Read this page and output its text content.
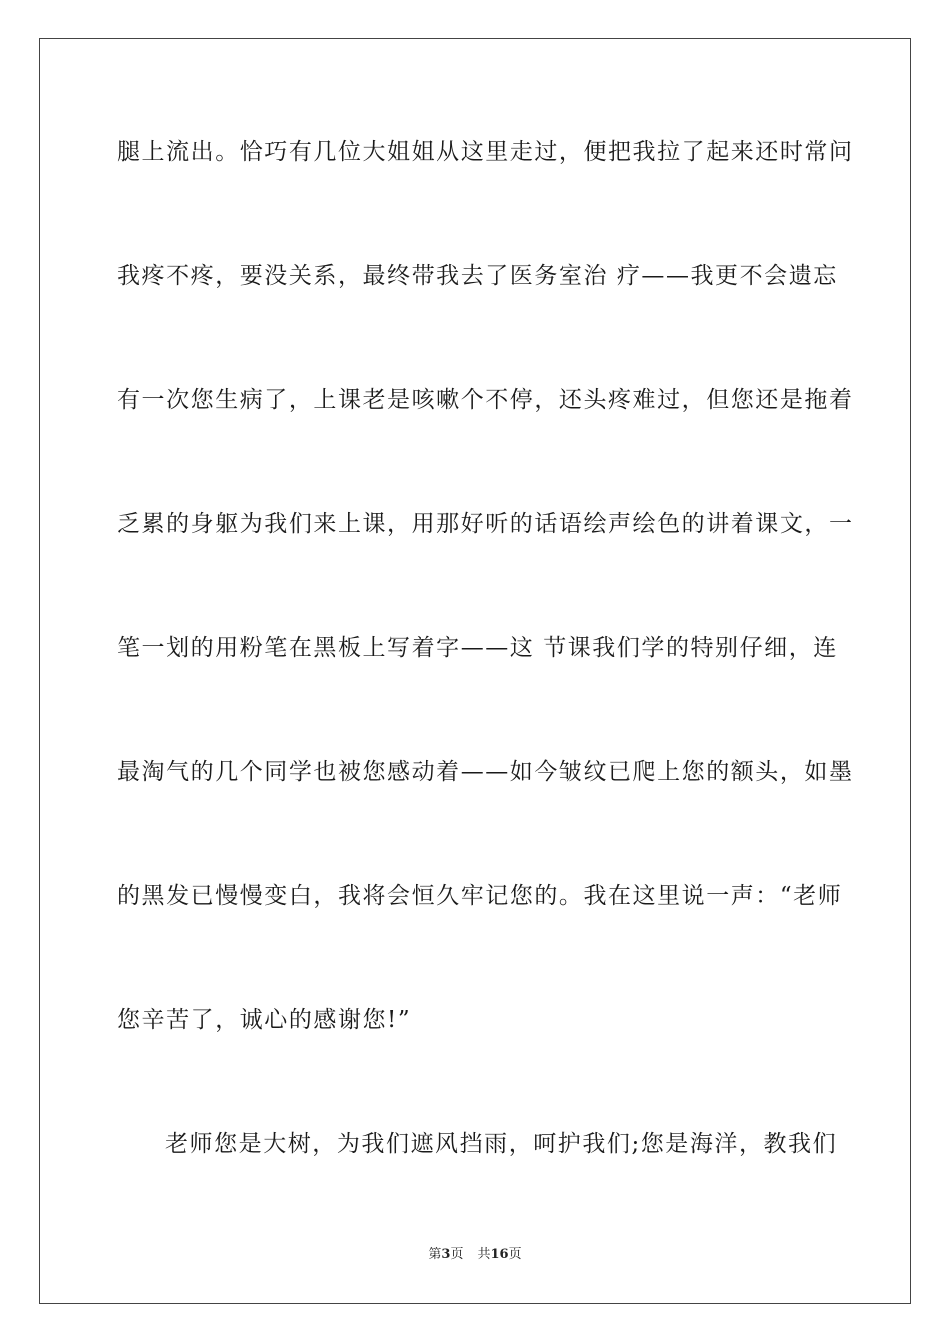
腿上流出。恰巧有几位大姐姐从这里走过，便把我拉了起来还时常问
我疼不疼，要没关系，最终带我去了医务室治 疗——我更不会遗忘
有一次您生病了，上课老是咳嗽个不停，还头疼难过，但您还是拖着
乏累的身躯为我们来上课，用那好听的话语绘声绘色的讲着课文，一
笔一划的用粉笔在黑板上写着字——这 节课我们学的特别仔细，连
最淘气的几个同学也被您感动着——如今皱纹已爬上您的额头，如墨
的黑发已慢慢变白，我将会恒久牢记您的。我在这里说一声：“老师
您辛苦了，诚心的感谢您!”
老师您是大树，为我们遮风挡雨，呵护我们;您是海洋，教我们
第3页 共16页
